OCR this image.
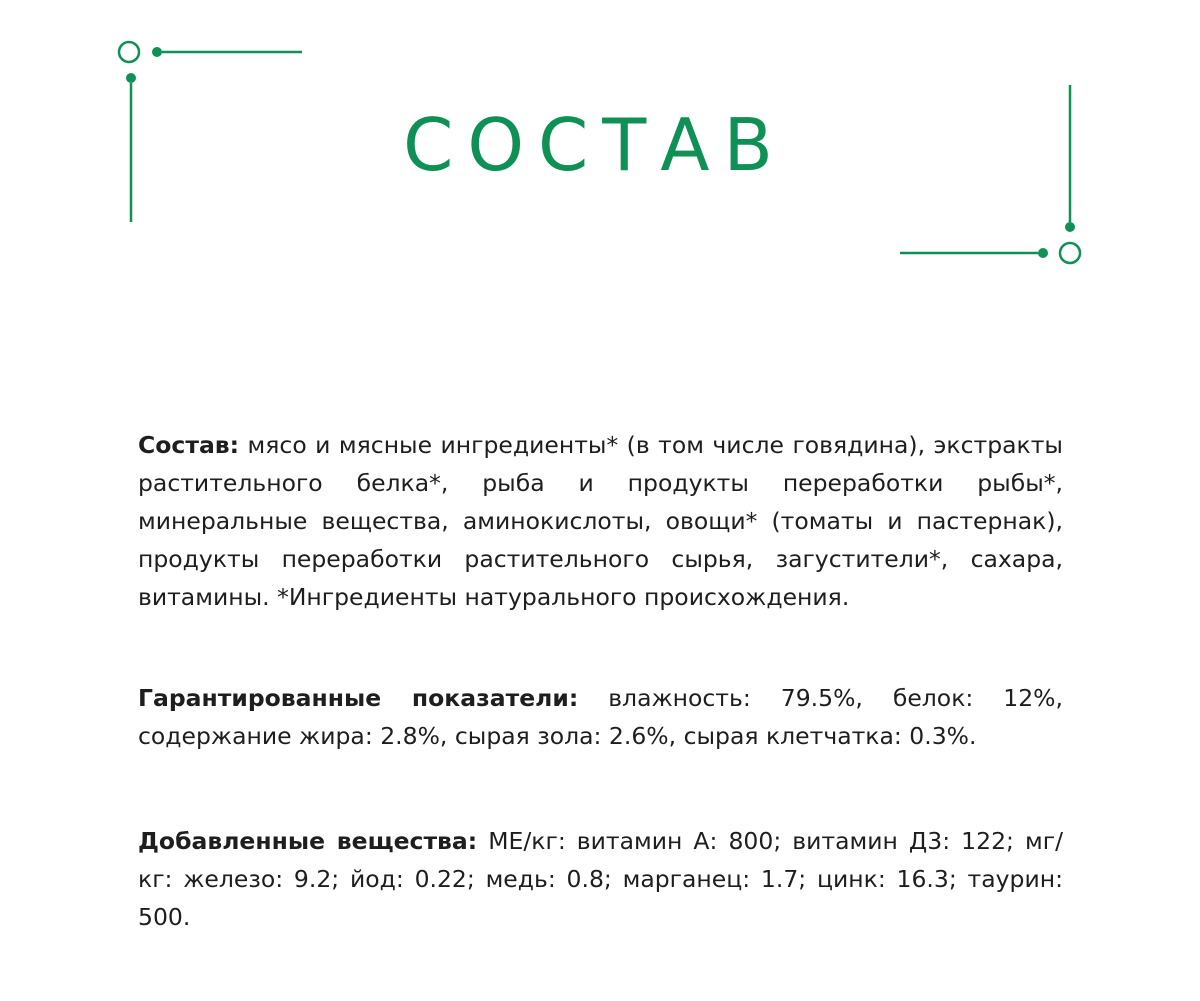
СОСТАВ
Состав: мясо и мясные ингредиенты* (в том числе говядина), экстракты растительного белка*, рыба и продукты переработки рыбы*, минеральные вещества, аминокислоты, овощи* (томаты и пастернак), продукты переработки растительного сырья, загустители*, сахара, витамины. *Ингредиенты натурального происхождения.
Гарантированные показатели: влажность: 79.5%, белок: 12%, содержание жира: 2.8%, сырая зола: 2.6%, сырая клетчатка: 0.3%.
Добавленные вещества: МЕ/кг: витамин А: 800; витамин Д3: 122; мг/кг: железо: 9.2; йод: 0.22; медь: 0.8; марганец: 1.7; цинк: 16.3; таурин: 500.
